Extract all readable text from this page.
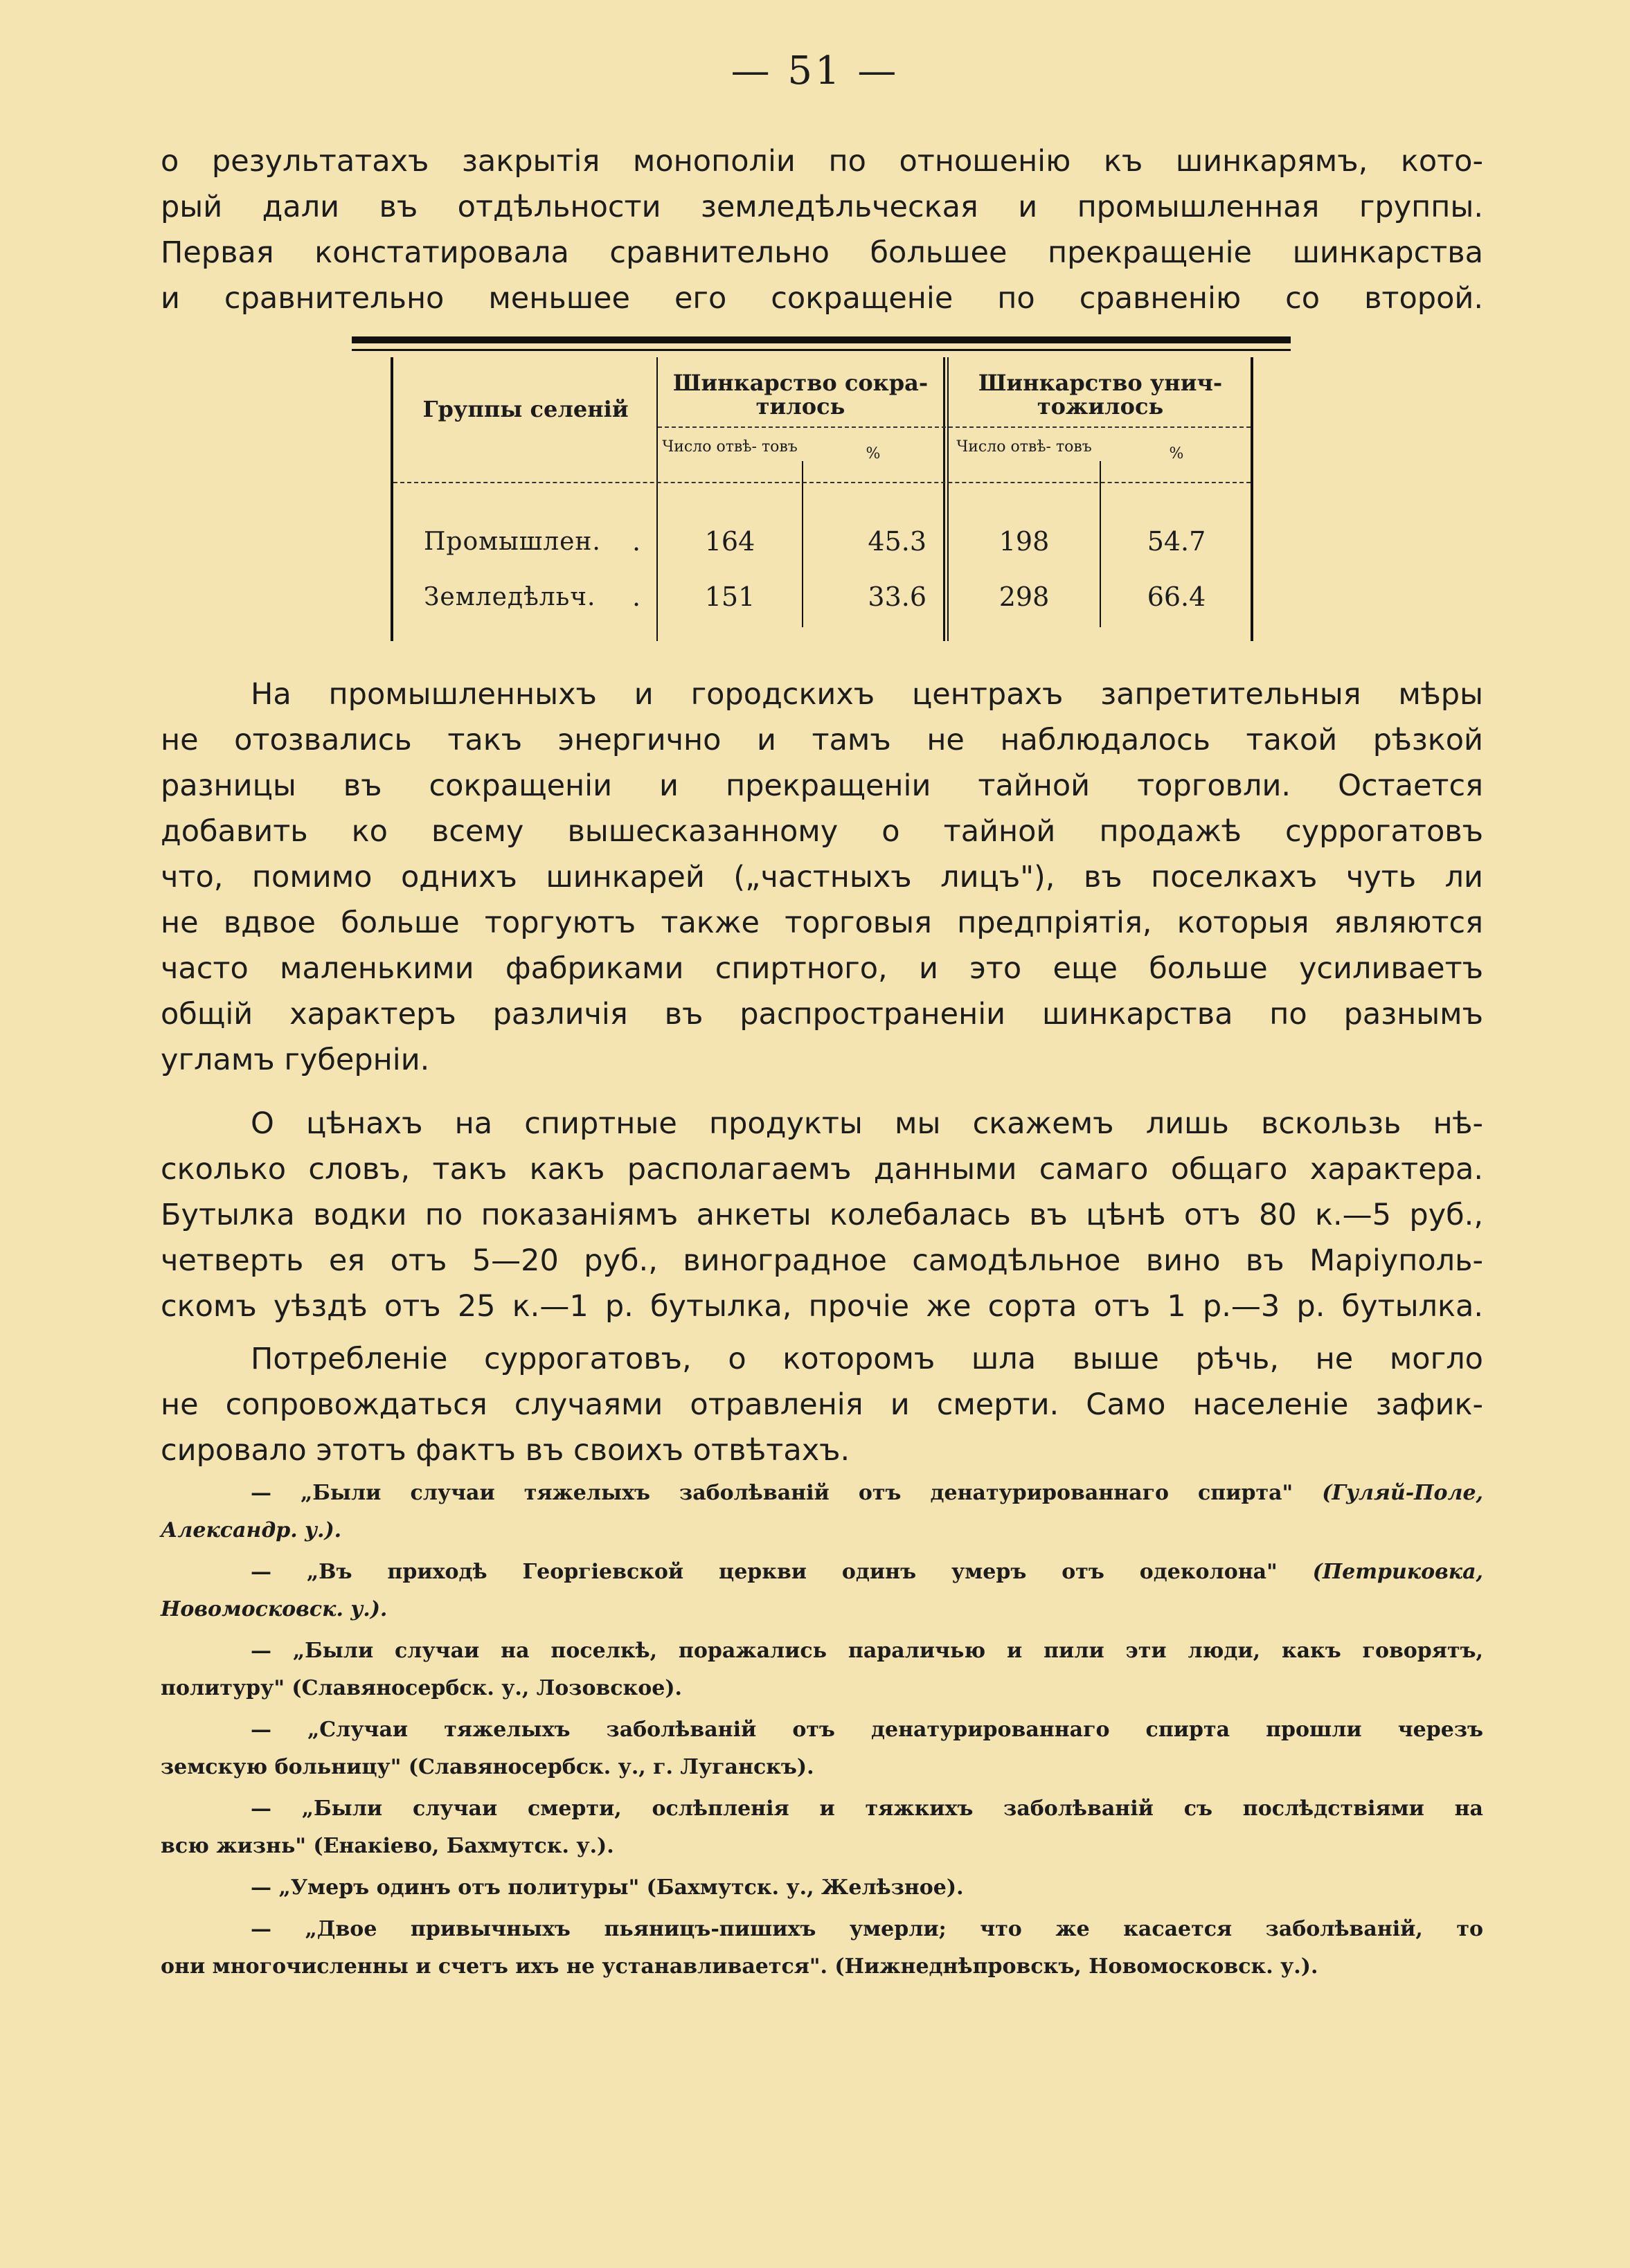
— 51 —
о результатахъ закрытія монополіи по отношенію къ шинкарямъ, кото-
рый дали въ отдѣльности земледѣльческая и промышленная группы.
Первая констатировала сравнительно большее прекращеніе шинкарства
и сравнительно меньшее его сокращеніе по сравненію со второй.
Группы селеній
Шинкарство сокра- тилось
Шинкарство унич- тожилось
Число отвѣ- товъ	%	Число отвѣ- товъ	%
Промышлен.	.	164	45.3	198	54.7
Земледѣльч.	.	151	33.6	298	66.4
На промышленныхъ и городскихъ центрахъ запретительныя мѣры
не отозвались такъ энергично и тамъ не наблюдалось такой рѣзкой
разницы въ сокращеніи и прекращеніи тайной торговли. Остается
добавить ко всему вышесказанному о тайной продажѣ суррогатовъ
что, помимо однихъ шинкарей („частныхъ лицъ"), въ поселкахъ чуть ли
не вдвое больше торгуютъ также торговыя предпріятія, которыя являются
часто маленькими фабриками спиртного, и это еще больше усиливаетъ
общій характеръ различія въ распространеніи шинкарства по разнымъ
угламъ губерніи.
О цѣнахъ на спиртные продукты мы скажемъ лишь вскользь нѣ-
сколько словъ, такъ какъ располагаемъ данными самаго общаго характера.
Бутылка водки по показаніямъ анкеты колебалась въ цѣнѣ отъ 80 к.—5 руб.,
четверть ея отъ 5—20 руб., виноградное самодѣльное вино въ Маріуполь-
скомъ уѣздѣ отъ 25 к.—1 р. бутылка, прочіе же сорта отъ 1 р.—3 р. бутылка.
Потребленіе суррогатовъ, о которомъ шла выше рѣчь, не могло
не сопровождаться случаями отравленія и смерти. Само населеніе зафик-
сировало этотъ фактъ въ своихъ отвѣтахъ.
— „Были случаи тяжелыхъ заболѣваній отъ денатурированнаго спирта" (Гуляй-Поле,
Александр. у.).
— „Въ приходѣ Георгіевской церкви одинъ умеръ отъ одеколона" (Петриковка,
Новомосковск. у.).
— „Были случаи на поселкѣ, поражались параличью и пили эти люди, какъ говорятъ,
политуру" (Славяносербск. у., Лозовское).
— „Случаи тяжелыхъ заболѣваній отъ денатурированнаго спирта прошли черезъ
земскую больницу" (Славяносербск. у., г. Луганскъ).
— „Были случаи смерти, ослѣпленія и тяжкихъ заболѣваній съ послѣдствіями на
всю жизнь" (Енакіево, Бахмутск. у.).
— „Умеръ одинъ отъ политуры" (Бахмутск. у., Желѣзное).
— „Двое привычныхъ пьяницъ-пишихъ умерли; что же касается заболѣваній, то
они многочисленны и счетъ ихъ не устанавливается". (Нижнеднѣпровскъ, Новомосковск. у.).
